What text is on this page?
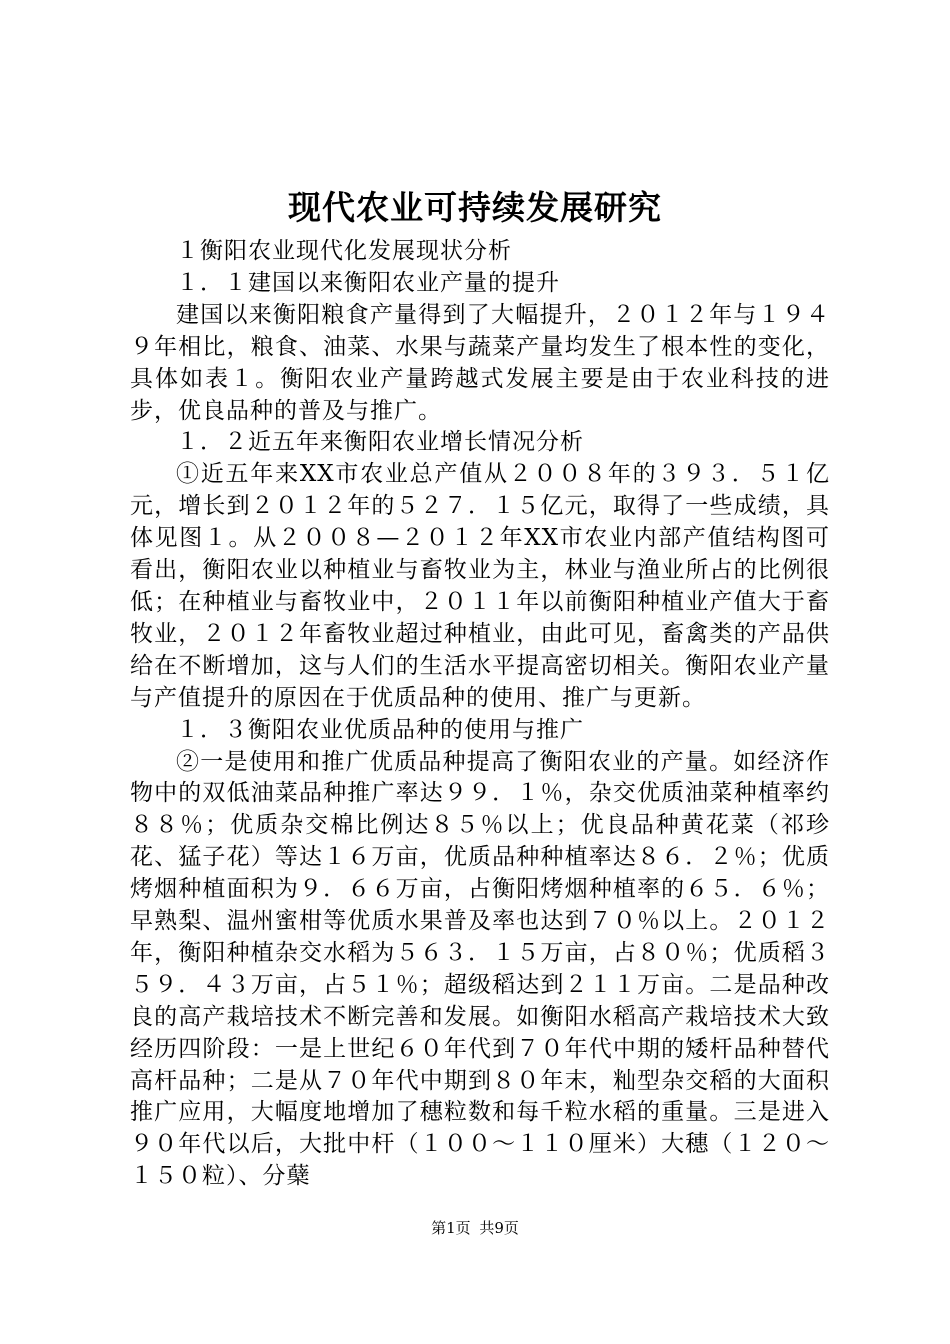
现代农业可持续发展研究

１衡阳农业现代化发展现状分析

１．１建国以来衡阳农业产量的提升

建国以来衡阳粮食产量得到了大幅提升，２０１２年与１９４９年相比，粮食、油菜、水果与蔬菜产量均发生了根本性的变化，具体如表１。衡阳农业产量跨越式发展主要是由于农业科技的进步，优良品种的普及与推广。

１．２近五年来衡阳农业增长情况分析

①近五年来XX市农业总产值从２００８年的３９３．５１亿元，增长到２０１２年的５２７．１５亿元，取得了一些成绩，具体见图１。从２００８—２０１２年XX市农业内部产值结构图可看出，衡阳农业以种植业与畜牧业为主，林业与渔业所占的比例很低；在种植业与畜牧业中，２０１１年以前衡阳种植业产值大于畜牧业，２０１２年畜牧业超过种植业，由此可见，畜禽类的产品供给在不断增加，这与人们的生活水平提高密切相关。衡阳农业产量与产值提升的原因在于优质品种的使用、推广与更新。

１．３衡阳农业优质品种的使用与推广

②一是使用和推广优质品种提高了衡阳农业的产量。如经济作物中的双低油菜品种推广率达９９．１％，杂交优质油菜种植率约８８％；优质杂交棉比例达８５％以上；优良品种黄花菜（祁珍花、猛子花）等达１６万亩，优质品种种植率达８６．２％；优质烤烟种植面积为９．６６万亩，占衡阳烤烟种植率的６５．６％；早熟梨、温州蜜柑等优质水果普及率也达到７０％以上。２０１２年，衡阳种植杂交水稻为５６３．１５万亩，占８０％；优质稻３５９．４３万亩，占５１％；超级稻达到２１１万亩。二是品种改良的高产栽培技术不断完善和发展。如衡阳水稻高产栽培技术大致经历四阶段：一是上世纪６０年代到７０年代中期的矮杆品种替代高杆品种；二是从７０年代中期到８０年末，籼型杂交稻的大面积推广应用，大幅度地增加了穗粒数和每千粒水稻的重量。三是进入９０年代以后，大批中杆（１００～１１０厘米）大穗（１２０～１５０粒）、分蘖

第1页 共9页
